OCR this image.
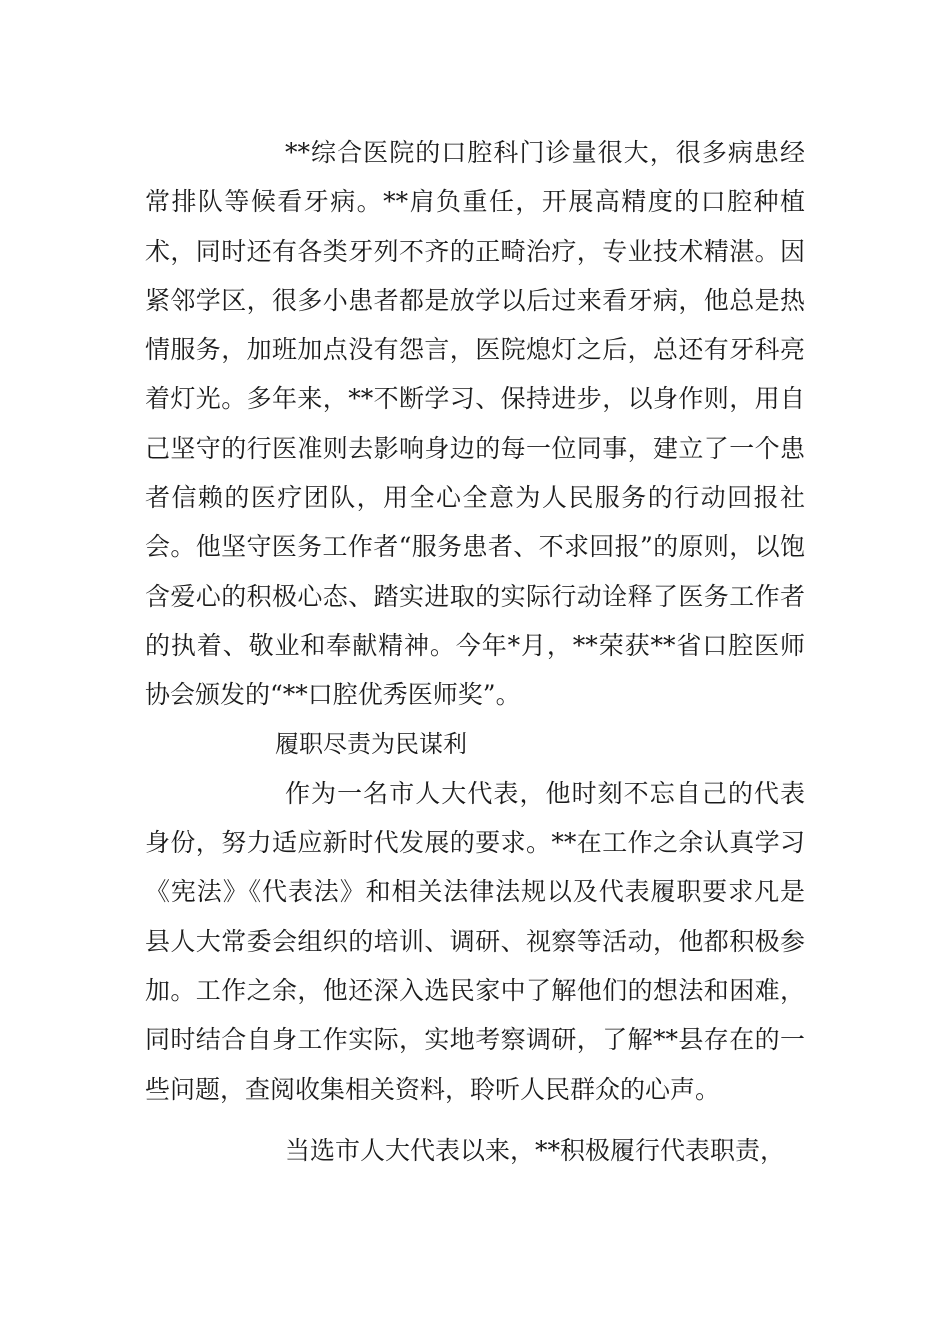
**综合医院的口腔科门诊量很大，很多病患经常排队等候看牙病。**肩负重任，开展高精度的口腔种植术，同时还有各类牙列不齐的正畸治疗，专业技术精湛。因紧邻学区，很多小患者都是放学以后过来看牙病，他总是热情服务，加班加点没有怨言，医院熄灯之后，总还有牙科亮着灯光。多年来，**不断学习、保持进步，以身作则，用自己坚守的行医准则去影响身边的每一位同事，建立了一个患者信赖的医疗团队，用全心全意为人民服务的行动回报社会。他坚守医务工作者“服务患者、不求回报”的原则，以饱含爱心的积极心态、踏实进取的实际行动诠释了医务工作者的执着、敬业和奉献精神。今年*月，**荣获**省口腔医师协会颁发的“**口腔优秀医师奖”。

履职尽责为民谋利

作为一名市人大代表，他时刻不忘自己的代表身份，努力适应新时代发展的要求。**在工作之余认真学习《宪法》《代表法》和相关法律法规以及代表履职要求凡是县人大常委会组织的培训、调研、视察等活动，他都积极参加。工作之余，他还深入选民家中了解他们的想法和困难，同时结合自身工作实际，实地考察调研，了解**县存在的一些问题，查阅收集相关资料，聆听人民群众的心声。

当选市人大代表以来，**积极履行代表职责，
